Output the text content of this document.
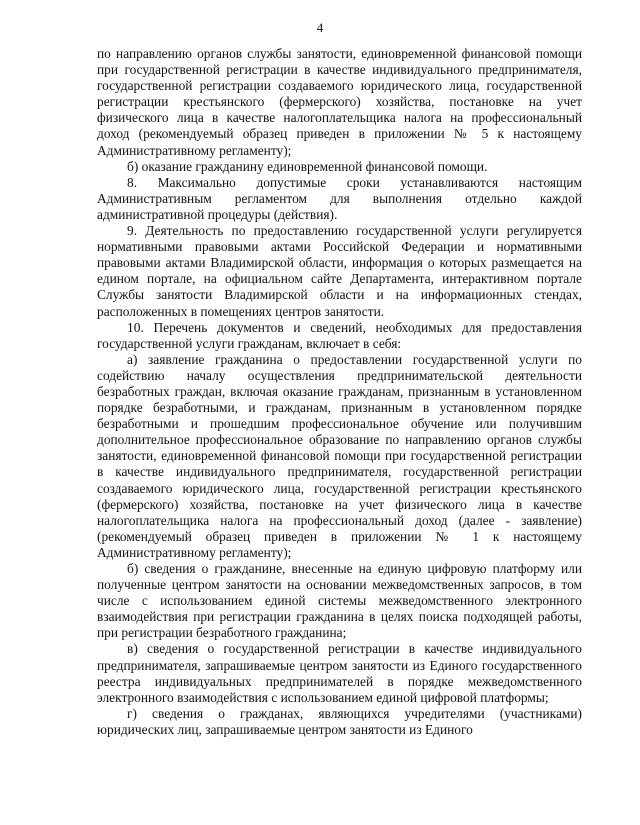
4

по направлению органов службы занятости, единовременной финансовой помощи при государственной регистрации в качестве индивидуального предпринимателя, государственной регистрации создаваемого юридического лица, государственной регистрации крестьянского (фермерского) хозяйства, постановке на учет физического лица в качестве налогоплательщика налога на профессиональный доход (рекомендуемый образец приведен в приложении № 5 к настоящему Административному регламенту);

б) оказание гражданину единовременной финансовой помощи.

8. Максимально допустимые сроки устанавливаются настоящим Административным регламентом для выполнения отдельно каждой административной процедуры (действия).

9. Деятельность по предоставлению государственной услуги регулируется нормативными правовыми актами Российской Федерации и нормативными правовыми актами Владимирской области, информация о которых размещается на едином портале, на официальном сайте Департамента, интерактивном портале Службы занятости Владимирской области и на информационных стендах, расположенных в помещениях центров занятости.

10. Перечень документов и сведений, необходимых для предоставления государственной услуги гражданам, включает в себя:

а) заявление гражданина о предоставлении государственной услуги по содействию началу осуществления предпринимательской деятельности безработных граждан, включая оказание гражданам, признанным в установленном порядке безработными, и гражданам, признанным в установленном порядке безработными и прошедшим профессиональное обучение или получившим дополнительное профессиональное образование по направлению органов службы занятости, единовременной финансовой помощи при государственной регистрации в качестве индивидуального предпринимателя, государственной регистрации создаваемого юридического лица, государственной регистрации крестьянского (фермерского) хозяйства, постановке на учет физического лица в качестве налогоплательщика налога на профессиональный доход (далее - заявление) (рекомендуемый образец приведен в приложении № 1 к настоящему Административному регламенту);

б) сведения о гражданине, внесенные на единую цифровую платформу или полученные центром занятости на основании межведомственных запросов, в том числе с использованием единой системы межведомственного электронного взаимодействия при регистрации гражданина в целях поиска подходящей работы, при регистрации безработного гражданина;

в) сведения о государственной регистрации в качестве индивидуального предпринимателя, запрашиваемые центром занятости из Единого государственного реестра индивидуальных предпринимателей в порядке межведомственного электронного взаимодействия с использованием единой цифровой платформы;

г) сведения о гражданах, являющихся учредителями (участниками) юридических лиц, запрашиваемые центром занятости из Единого
